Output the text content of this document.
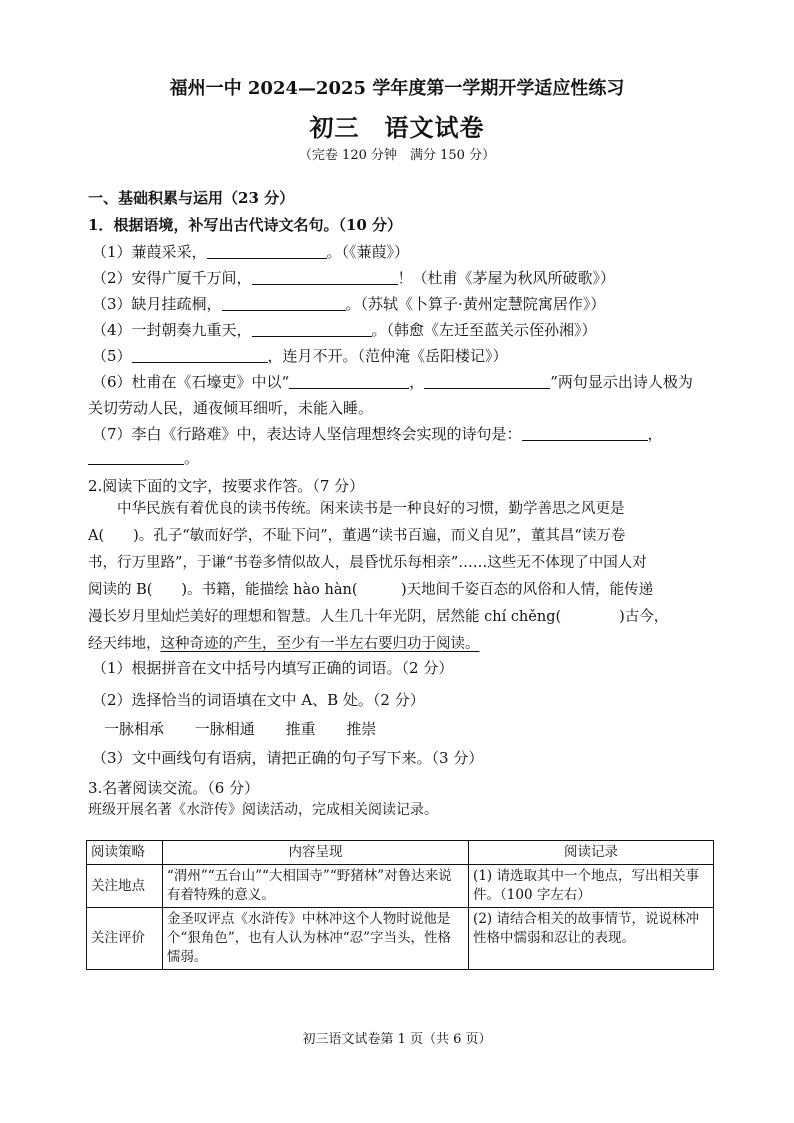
福州一中 2024—2025 学年度第一学期开学适应性练习
初三　语文试卷
（完卷 120 分钟　满分 150 分）
一、基础积累与运用（23 分）
1．根据语境，补写出古代诗文名句。（10 分）
（1）蒹葭采采，	。（《蒹葭》）
（2）安得广厦千万间，	！（杜甫《茅屋为秋风所破歌》）
（3）缺月挂疏桐，	。（苏轼《卜算子·黄州定慧院寓居作》）
（4）一封朝奏九重天，	。（韩愈《左迁至蓝关示侄孙湘》）
（5）	，连月不开。（范仲淹《岳阳楼记》）
（6）杜甫在《石壕吏》中以“	，	”两句显示出诗人极为
关切劳动人民，通夜倾耳细听，未能入睡。
（7）李白《行路难》中，表达诗人坚信理想终会实现的诗句是：	，
。
2.阅读下面的文字，按要求作答。（7 分）

中华民族有着优良的读书传统。闲来读书是一种良好的习惯，勤学善思之风更是

A(　　)。孔子“敏而好学，不耻下问”，董遇“读书百遍，而义自见”，董其昌“读万卷
书，行万里路”，于谦“书卷多情似故人，晨昏忧乐每相亲”……这些无不体现了中国人对
阅读的 B(　　)。书籍，能描绘 hào hàn(　　　)天地间千姿百态的风俗和人情，能传递
漫长岁月里灿烂美好的理想和智慧。人生几十年光阴，居然能 chí chěng(　　　　)古今，
经天纬地，这种奇迹的产生，至少有一半左右要归功于阅读。
（1）根据拼音在文中括号内填写正确的词语。（2 分）
（2）选择恰当的词语填在文中 A、B 处。（2 分）
一脉相承 一脉相通 推重 推崇
（3）文中画线句有语病，请把正确的句子写下来。（3 分）
3.名著阅读交流。（6 分）
班级开展名著《水浒传》阅读活动，完成相关阅读记录。
阅读策略	内容呈现	阅读记录
关注地点	“渭州”“五台山”“大相国寺”“野猪林”对鲁达来说有着特殊的意义。	(1) 请选取其中一个地点，写出相关事件。（100 字左右）
关注评价	金圣叹评点《水浒传》中林冲这个人物时说他是个“狠角色”，也有人认为林冲“忍”字当头，性格懦弱。	(2) 请结合相关的故事情节，说说林冲性格中懦弱和忍让的表现。
初三语文试卷第 1 页（共 6 页）
